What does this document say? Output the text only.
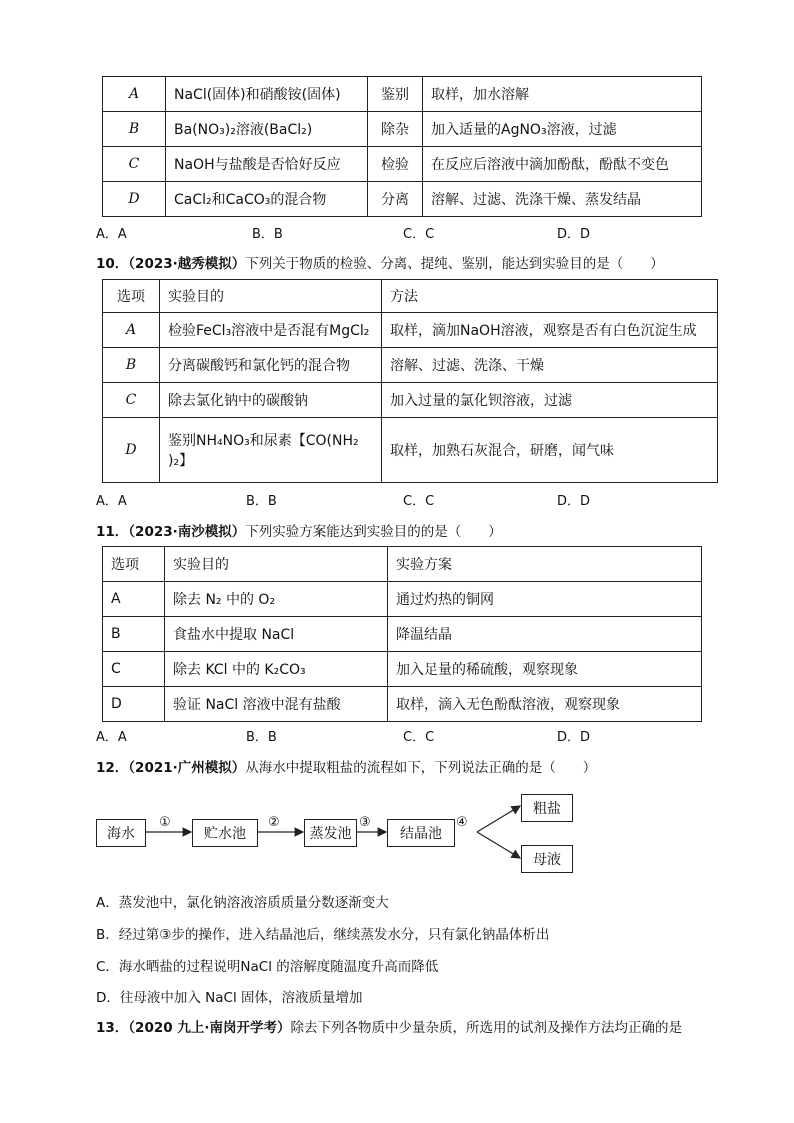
A	NaCl(固体)和硝酸铵(固体)	鉴别	取样，加水溶解
B	Ba(NO₃)₂溶液(BaCl₂)	除杂	加入适量的AgNO₃溶液，过滤
C	NaOH与盐酸是否恰好反应	检验	在反应后溶液中滴加酚酞，酚酞不变色
D	CaCl₂和CaCO₃的混合物	分离	溶解、过滤、洗涤干燥、蒸发结晶
A．A	B．B	C．C	D．D
10．（2023·越秀模拟）下列关于物质的检验、分离、提纯、鉴别，能达到实验目的是（　　）
选项	实验目的	方法
A	检验FeCl₃溶液中是否混有MgCl₂	取样，滴加NaOH溶液，观察是否有白色沉淀生成
B	分离碳酸钙和氯化钙的混合物	溶解、过滤、洗涤、干燥
C	除去氯化钠中的碳酸钠	加入过量的氯化钡溶液，过滤
D	鉴别NH₄NO₃和尿素【CO(NH₂
)₂】	取样，加熟石灰混合，研磨，闻气味
A．A	B．B	C．C	D．D
11．（2023·南沙模拟）下列实验方案能达到实验目的的是（　　）
选项	实验目的	实验方案
A	除去 N₂ 中的 O₂	通过灼热的铜网
B	食盐水中提取 NaCl	降温结晶
C	除去 KCl 中的 K₂CO₃	加入足量的稀硫酸，观察现象
D	验证 NaCl 溶液中混有盐酸	取样，滴入无色酚酞溶液，观察现象
A．A	B．B	C．C	D．D
12．（2021·广州模拟）从海水中提取粗盐的流程如下，下列说法正确的是（　　）
海水	贮水池	蒸发池	结晶池
粗盐
母液
①	②	③	④
A．蒸发池中，氯化钠溶液溶质质量分数逐渐变大
B．经过第③步的操作，进入结晶池后，继续蒸发水分，只有氯化钠晶体析出
C．海水晒盐的过程说明NaCl 的溶解度随温度升高而降低
D．往母液中加入 NaCl 固体，溶液质量增加
13．（2020 九上·南岗开学考）除去下列各物质中少量杂质，所选用的试剂及操作方法均正确的是
